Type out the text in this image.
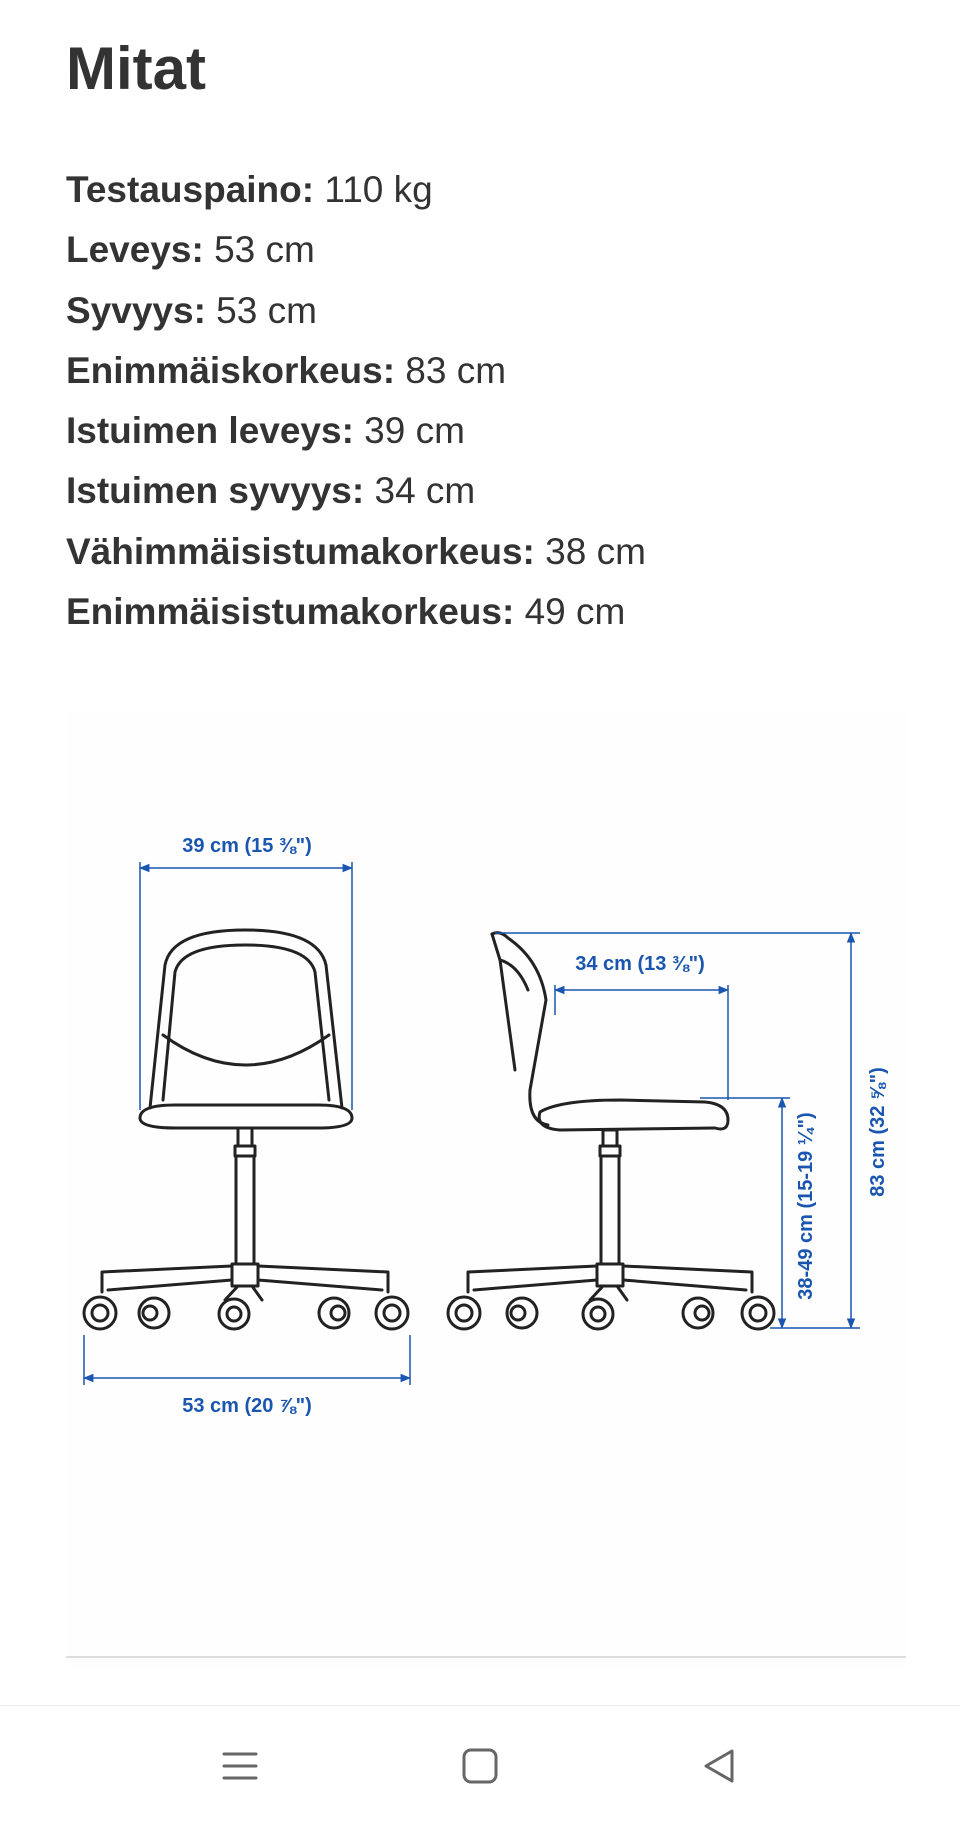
Mitat
Testauspaino: 110 kg
Leveys: 53 cm
Syvyys: 53 cm
Enimmäiskorkeus: 83 cm
Istuimen leveys: 39 cm
Istuimen syvyys: 34 cm
Vähimmäisistumakorkeus: 38 cm
Enimmäisistumakorkeus: 49 cm
39 cm (15 ⅜")
53 cm (20 ⅞")
34 cm (13 ⅜")
38-49 cm (15-19 ¼")	83 cm (32 ⅝")
